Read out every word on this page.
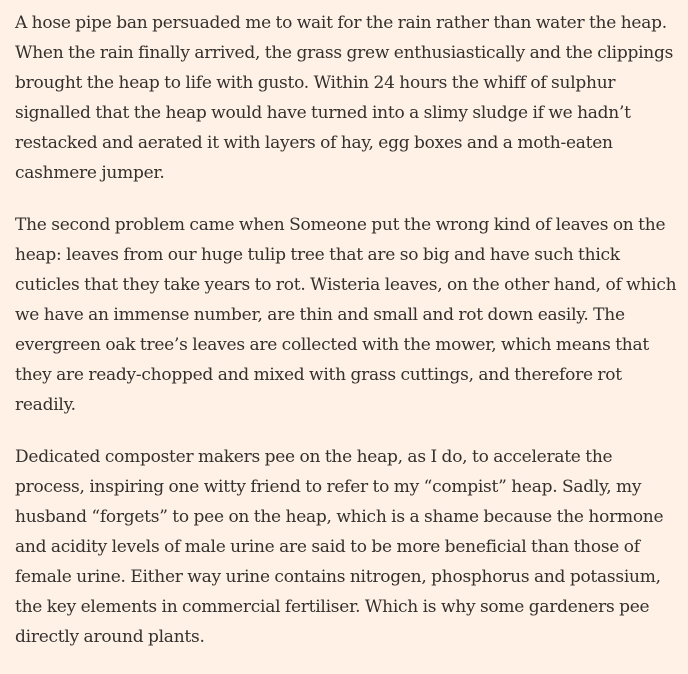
A hose pipe ban persuaded me to wait for the rain rather than water the heap. When the rain finally arrived, the grass grew enthusiastically and the clippings brought the heap to life with gusto. Within 24 hours the whiff of sulphur signalled that the heap would have turned into a slimy sludge if we hadn’t restacked and aerated it with layers of hay, egg boxes and a moth-eaten cashmere jumper.

The second problem came when Someone put the wrong kind of leaves on the heap: leaves from our huge tulip tree that are so big and have such thick cuticles that they take years to rot. Wisteria leaves, on the other hand, of which we have an immense number, are thin and small and rot down easily. The evergreen oak tree’s leaves are collected with the mower, which means that they are ready-chopped and mixed with grass cuttings, and therefore rot readily.

Dedicated composter makers pee on the heap, as I do, to accelerate the process, inspiring one witty friend to refer to my “compist” heap. Sadly, my husband “forgets” to pee on the heap, which is a shame because the hormone and acidity levels of male urine are said to be more beneficial than those of female urine. Either way urine contains nitrogen, phosphorus and potassium, the key elements in commercial fertiliser. Which is why some gardeners pee directly around plants.
